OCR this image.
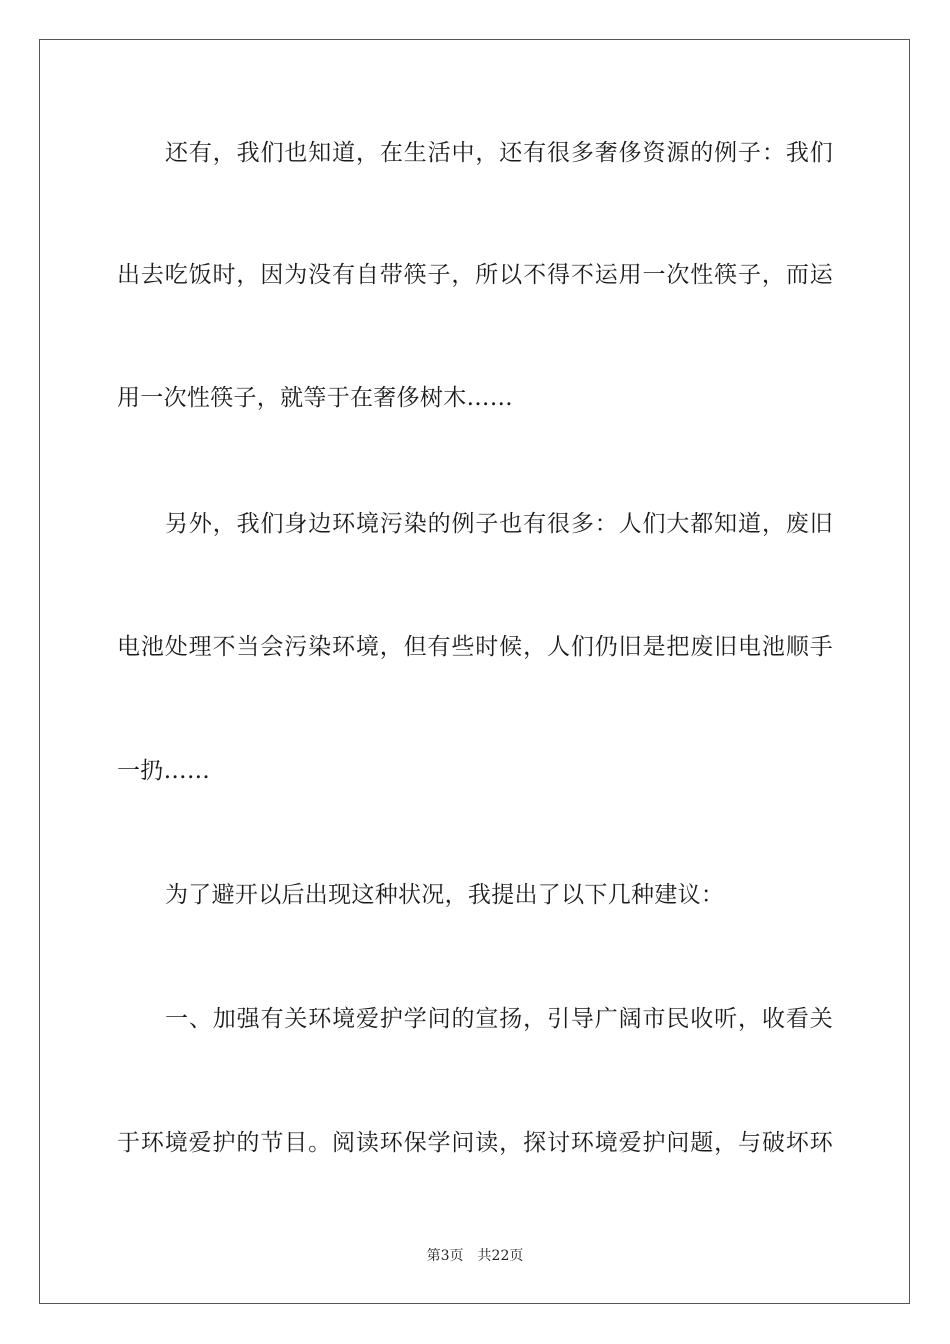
还有，我们也知道，在生活中，还有很多奢侈资源的例子：我们
出去吃饭时，因为没有自带筷子，所以不得不运用一次性筷子，而运
用一次性筷子，就等于在奢侈树木……
另外，我们身边环境污染的例子也有很多：人们大都知道，废旧
电池处理不当会污染环境，但有些时候，人们仍旧是把废旧电池顺手
一扔……
为了避开以后出现这种状况，我提出了以下几种建议：
一、加强有关环境爱护学问的宣扬，引导广阔市民收听，收看关
于环境爱护的节目。阅读环保学问读，探讨环境爱护问题，与破坏环
第3页 共22页
